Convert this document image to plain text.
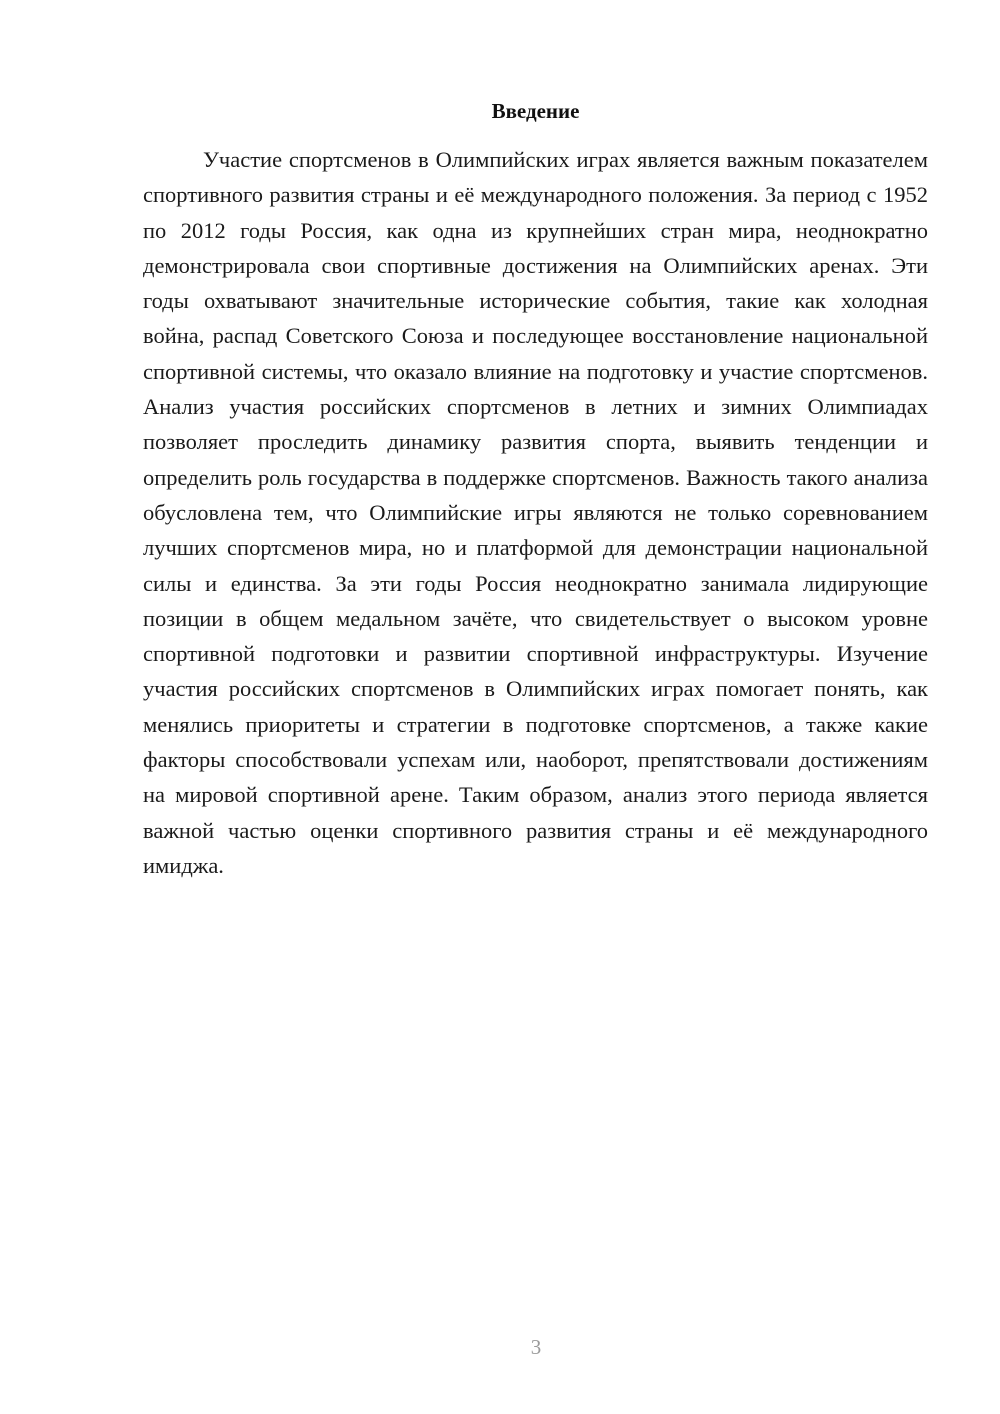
Введение

Участие спортсменов в Олимпийских играх является важным показателем спортивного развития страны и её международного положения. За период с 1952 по 2012 годы Россия, как одна из крупнейших стран мира, неоднократно демонстрировала свои спортивные достижения на Олимпийских аренах. Эти годы охватывают значительные исторические события, такие как холодная война, распад Советского Союза и последующее восстановление национальной спортивной системы, что оказало влияние на подготовку и участие спортсменов. Анализ участия российских спортсменов в летних и зимних Олимпиадах позволяет проследить динамику развития спорта, выявить тенденции и определить роль государства в поддержке спортсменов. Важность такого анализа обусловлена тем, что Олимпийские игры являются не только соревнованием лучших спортсменов мира, но и платформой для демонстрации национальной силы и единства. За эти годы Россия неоднократно занимала лидирующие позиции в общем медальном зачёте, что свидетельствует о высоком уровне спортивной подготовки и развитии спортивной инфраструктуры. Изучение участия российских спортсменов в Олимпийских играх помогает понять, как менялись приоритеты и стратегии в подготовке спортсменов, а также какие факторы способствовали успехам или, наоборот, препятствовали достижениям на мировой спортивной арене. Таким образом, анализ этого периода является важной частью оценки спортивного развития страны и её международного имиджа.

3
